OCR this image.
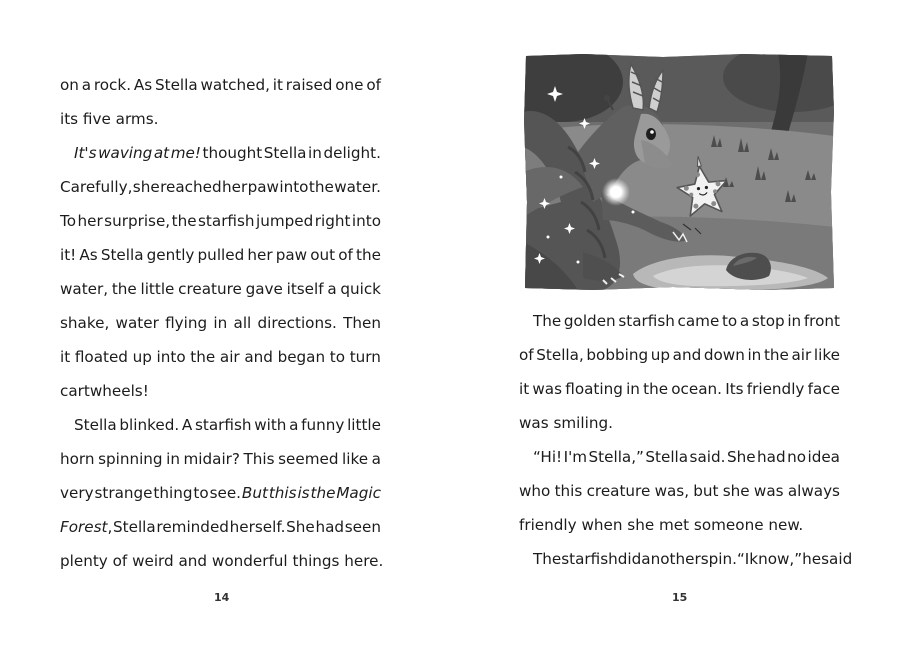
on a rock. As Stella watched, it raised one of
its five arms.
It's waving at me! thought Stella in delight.
Carefully, she reached her paw into the water.
To her surprise, the starfish jumped right into
it! As Stella gently pulled her paw out of the
water, the little creature gave itself a quick
shake, water flying in all directions. Then
it floated up into the air and began to turn
cartwheels!
Stella blinked. A starfish with a funny little
horn spinning in midair? This seemed like a
very strange thing to see. But this is the Magic
Forest, Stella reminded herself. She had seen
plenty of weird and wonderful things here.
14
The golden starfish came to a stop in front
of Stella, bobbing up and down in the air like
it was floating in the ocean. Its friendly face
was smiling.
“Hi! I'm Stella,” Stella said. She had no idea
who this creature was, but she was always
friendly when she met someone new.
The starfish did another spin. “I know,” he said
15
